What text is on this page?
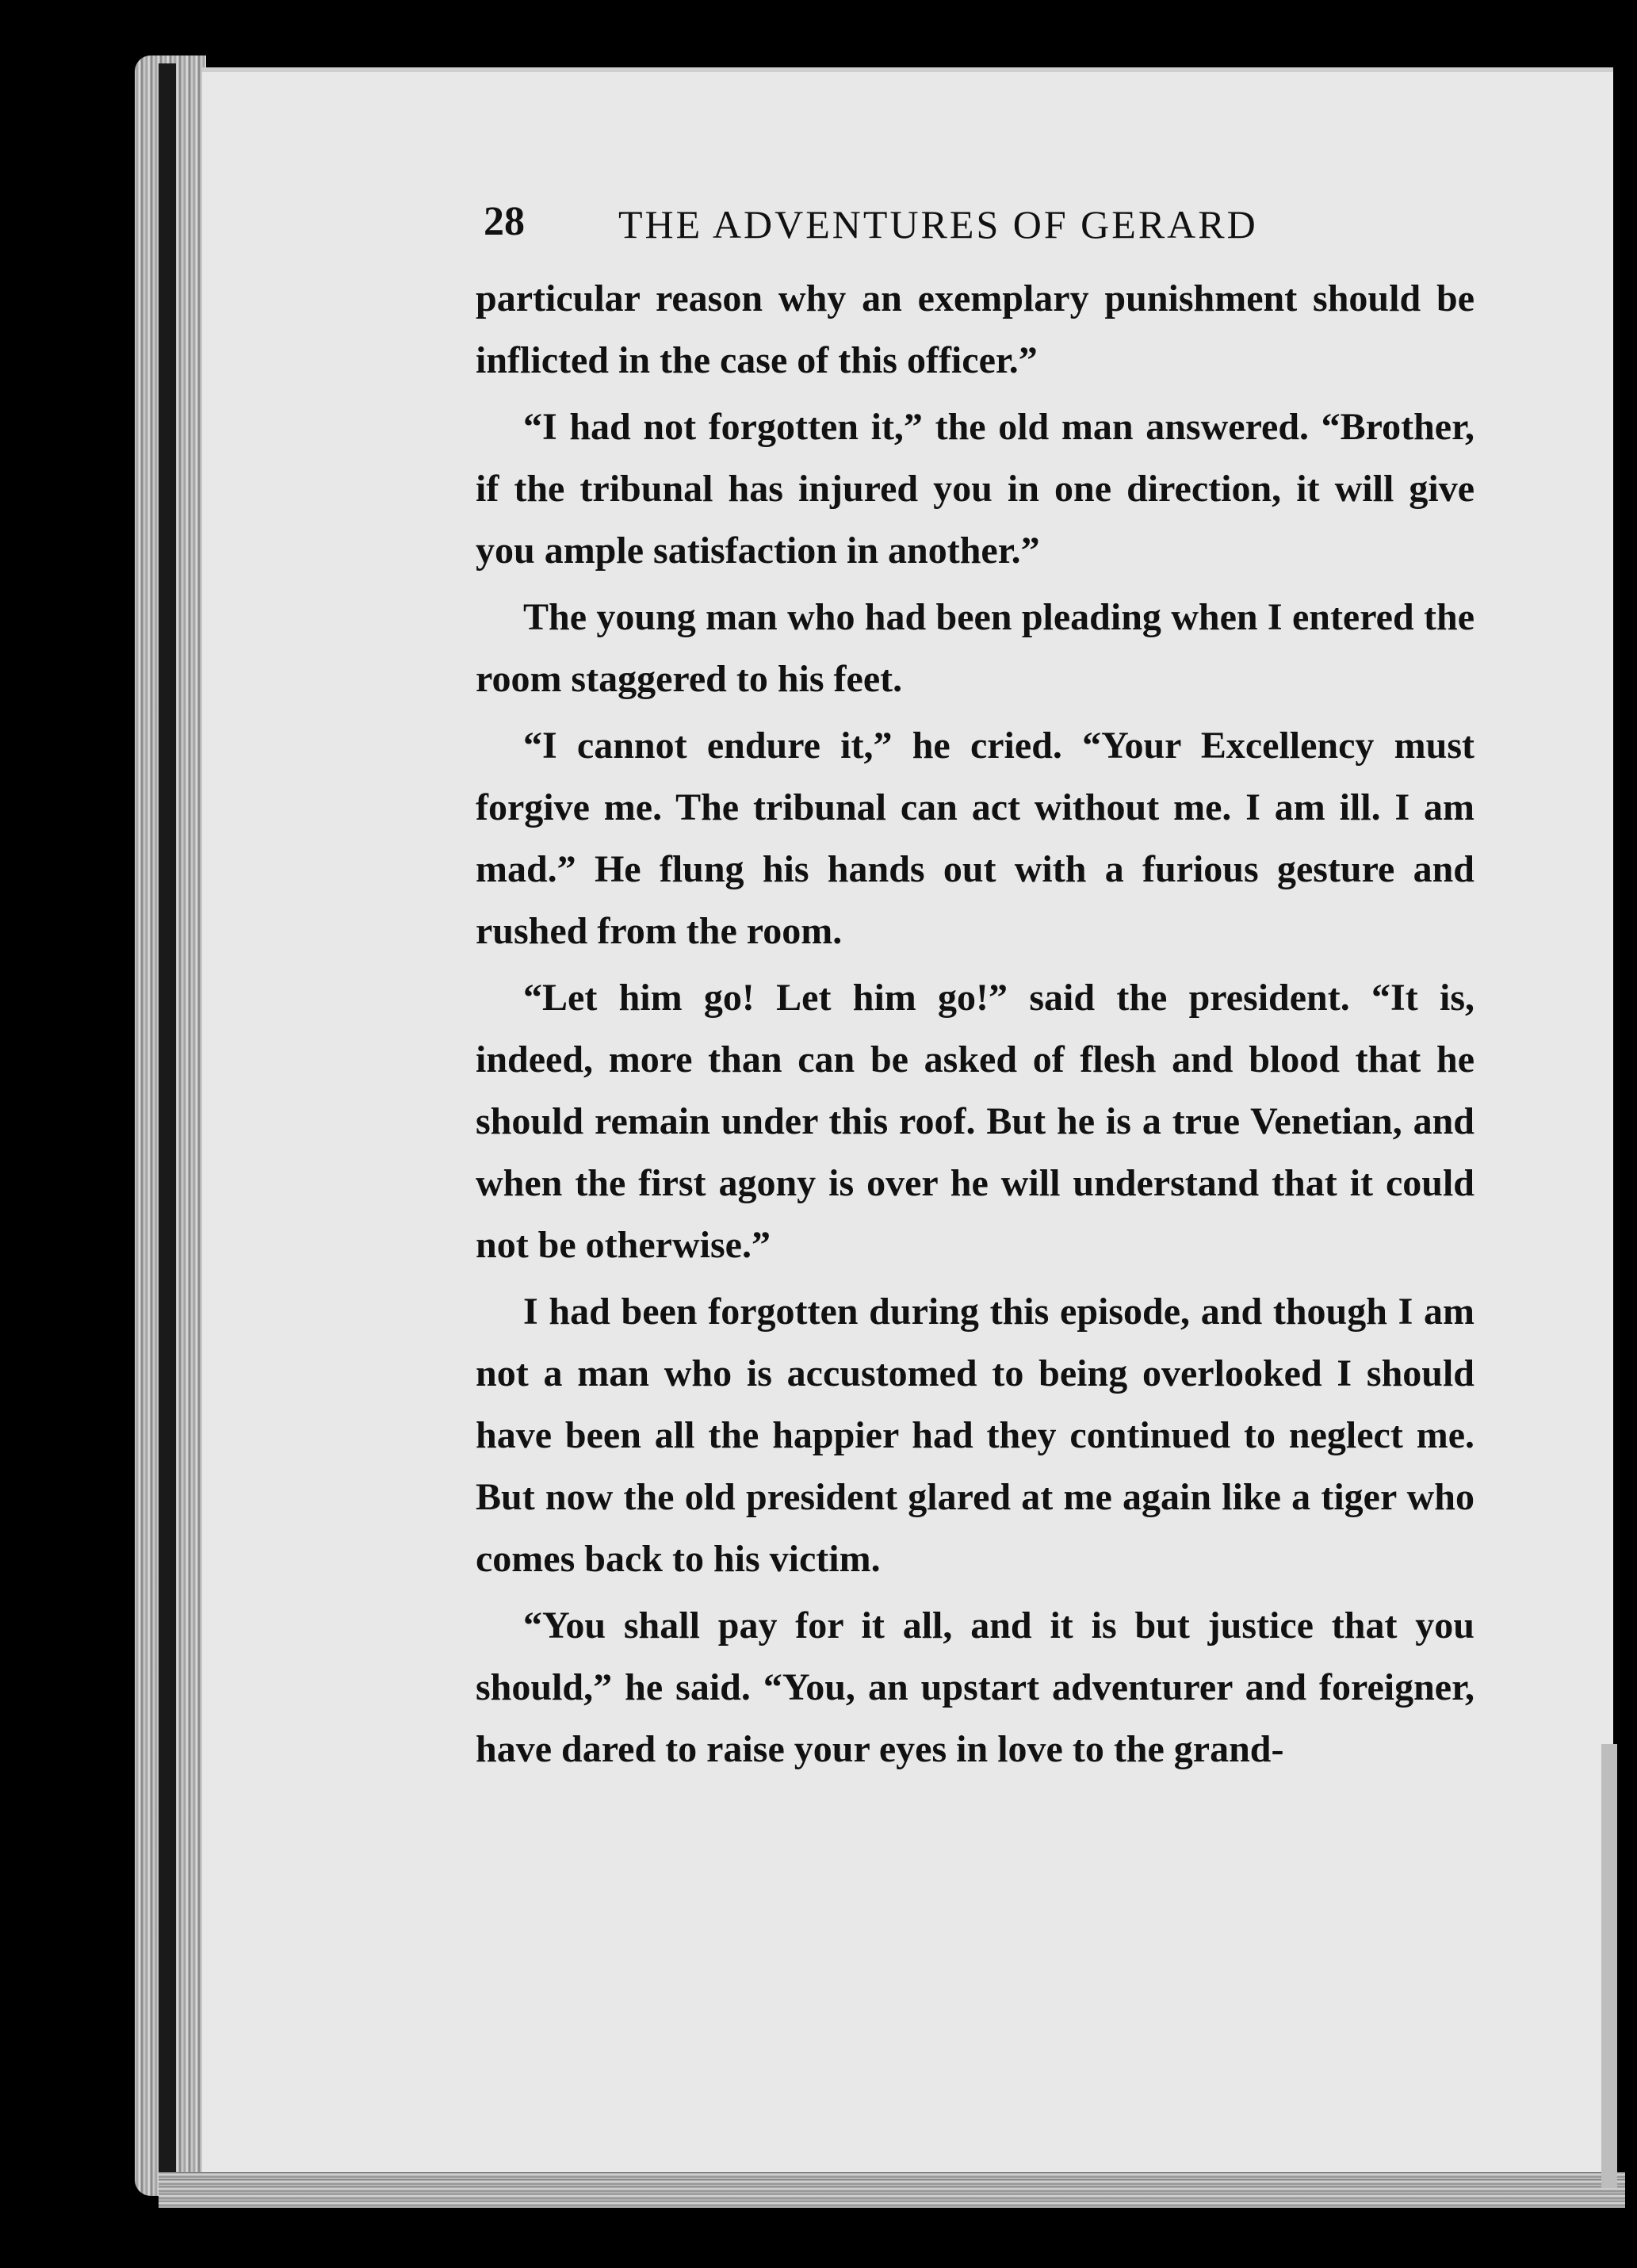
28 THE ADVENTURES OF GERARD

particular reason why an exemplary punishment should be inflicted in the case of this officer.”

“I had not forgotten it,” the old man answered. “Brother, if the tribunal has injured you in one direction, it will give you ample satisfaction in another.”

The young man who had been pleading when I entered the room staggered to his feet.

“I cannot endure it,” he cried. “Your Excellency must forgive me. The tribunal can act without me. I am ill. I am mad.” He flung his hands out with a furious gesture and rushed from the room.

“Let him go! Let him go!” said the president. “It is, indeed, more than can be asked of flesh and blood that he should remain under this roof. But he is a true Venetian, and when the first agony is over he will understand that it could not be otherwise.”

I had been forgotten during this episode, and though I am not a man who is accustomed to being overlooked I should have been all the happier had they continued to neglect me. But now the old president glared at me again like a tiger who comes back to his victim.

“You shall pay for it all, and it is but justice that you should,” he said. “You, an upstart adventurer and foreigner, have dared to raise your eyes in love to the grand-
